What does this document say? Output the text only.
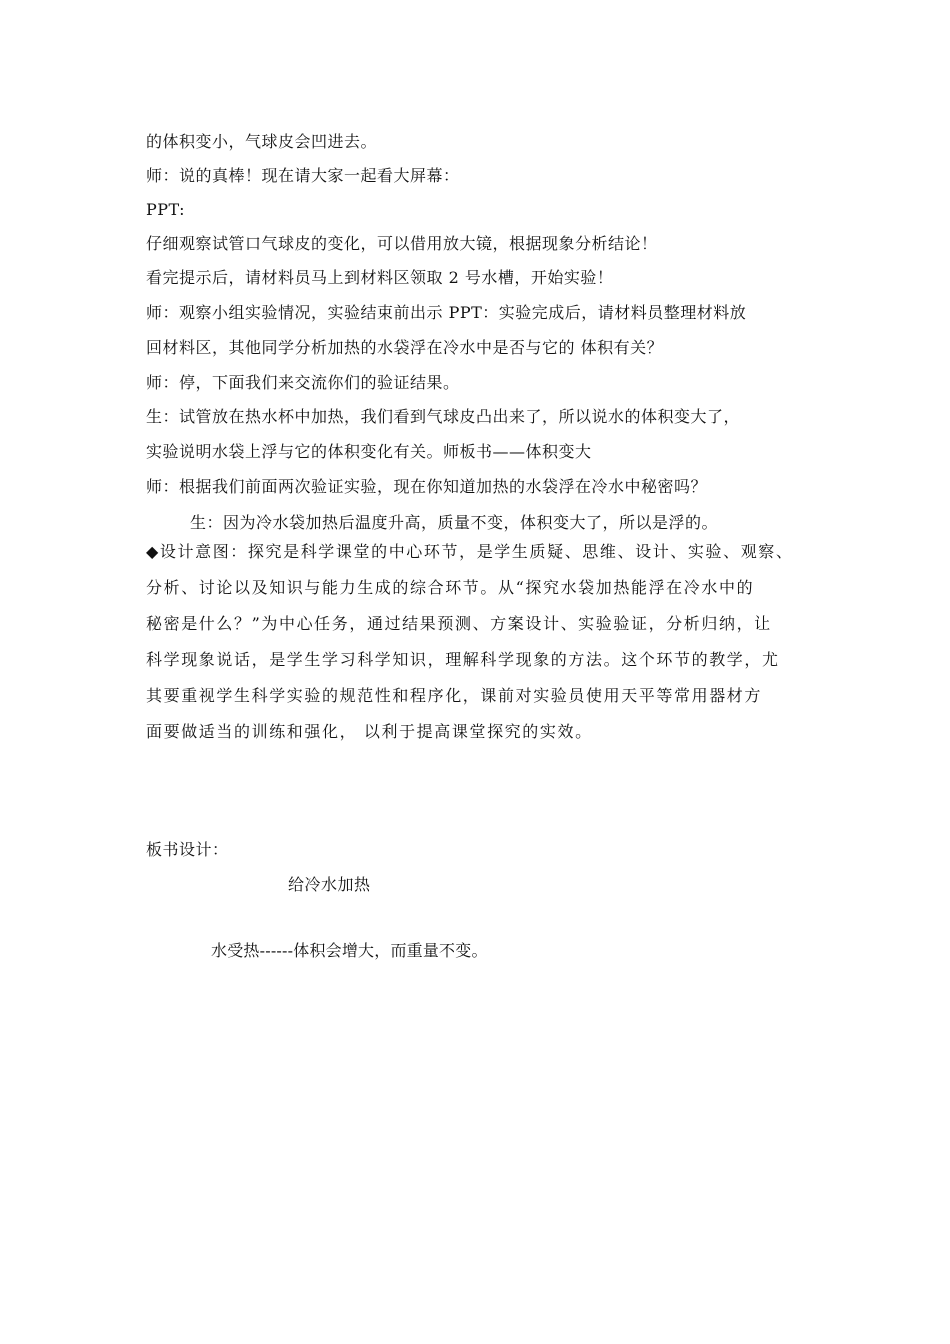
的体积变小，气球皮会凹进去。
师：说的真棒！现在请大家一起看大屏幕：
PPT:
仔细观察试管口气球皮的变化，可以借用放大镜，根据现象分析结论！
看完提示后，请材料员马上到材料区领取 2 号水槽，开始实验！
师：观察小组实验情况，实验结束前出示 PPT：实验完成后，请材料员整理材料放
回材料区，其他同学分析加热的水袋浮在冷水中是否与它的 体积有关？
师：停，下面我们来交流你们的验证结果。
生：试管放在热水杯中加热，我们看到气球皮凸出来了，所以说水的体积变大了，
实验说明水袋上浮与它的体积变化有关。师板书——体积变大
师：根据我们前面两次验证实验，现在你知道加热的水袋浮在冷水中秘密吗？
生：因为冷水袋加热后温度升高，质量不变，体积变大了，所以是浮的。
◆设计意图：探究是科学课堂的中心环节，是学生质疑、思维、设计、实验、观察、
分析、讨论以及知识与能力生成的综合环节。从“探究水袋加热能浮在冷水中的
秘密是什么？”为中心任务，通过结果预测、方案设计、实验验证，分析归纳，让
科学现象说话，是学生学习科学知识，理解科学现象的方法。这个环节的教学，尤
其要重视学生科学实验的规范性和程序化，课前对实验员使用天平等常用器材方
面要做适当的训练和强化， 以利于提高课堂探究的实效。
板书设计：
给冷水加热
水受热------体积会增大，而重量不变。
